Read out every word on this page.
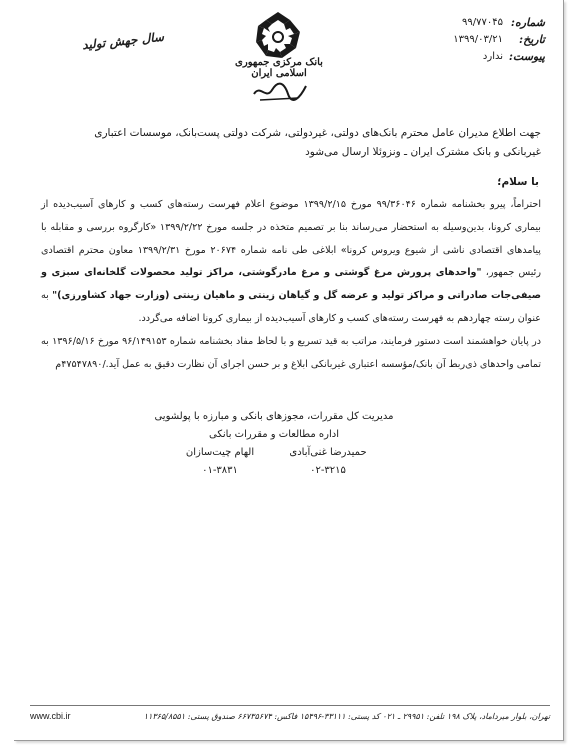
سال جهش تولید
بانک مرکزی جمهوری اسلامی ایران
شماره:
۹۹/۷۷۰۴۵
تاریخ:
۱۳۹۹/۰۳/۲۱
پیوست:
ندارد
جهت اطلاع مدیران عامل محترم بانک‌های دولتی، غیردولتی، شرکت دولتی پست‌بانک، موسسات اعتباری
غیربانکی و بانک مشترک ایران ـ ونزوئلا ارسال می‌شود
با سلام؛

احتراماً، پیرو بخشنامه شماره ۹۹/۳۶۰۴۶ مورخ ۱۳۹۹/۲/۱۵ موضوع اعلام فهرست رسته‌های کسب و کارهای آسیب‌دیده از بیماری کرونا، بدین‌وسیله به استحضار می‌رساند بنا بر تصمیم متخذه در جلسه مورخ ۱۳۹۹/۲/۲۲ «کارگروه بررسی و مقابله با پیامدهای اقتصادی ناشی از شیوع ویروس کرونا» ابلاغی طی نامه شماره ۲۰۶۷۴ مورخ ۱۳۹۹/۲/۳۱ معاون محترم اقتصادی رئیس جمهور، "واحدهای پرورش مرغ گوشتی و مرغ مادرگوشتی، مراکز تولید محصولات گلخانه‌ای سبزی و صیفی‌جات صادراتی و مراکز تولید و عرضه گل و گیاهان زینتی و ماهیان زینتی (وزارت جهاد کشاورزی)" به عنوان رسته چهاردهم به فهرست رسته‌های کسب و کارهای آسیب‌دیده از بیماری کرونا اضافه می‌گردد.

در پایان خواهشمند است دستور فرمایند، مراتب به قید تسریع و با لحاظ مفاد بخشنامه شماره ۹۶/۱۴۹۱۵۳ مورخ ۱۳۹۶/۵/۱۶ به تمامی واحدهای ذی‌ربط آن بانک/مؤسسه اعتباری غیربانکی ابلاغ و بر حسن اجرای آن نظارت دقیق به عمل آید./۴۷۵۴۷۸۹۰م

مدیریت کل مقررات، مجوزهای بانکی و مبارزه با پولشویی
اداره مطالعات و مقررات بانکی
حمیدرضا غنی‌آبادی
الهام چیت‌سازان
۰۲-۳۲۱۵
۰۱-۳۸۳۱
www.cbi.ir	تهران، بلوار میرداماد، پلاک ۱۹۸ تلفن: ۲۹۹۵۱ ـ ۰۲۱ کد پستی: ۳۳۱۱۱-۱۵۴۹۶ فاکس: ۶۶۷۳۵۶۷۴ صندوق پستی: ۱۱۳۶۵/۸۵۵۱
